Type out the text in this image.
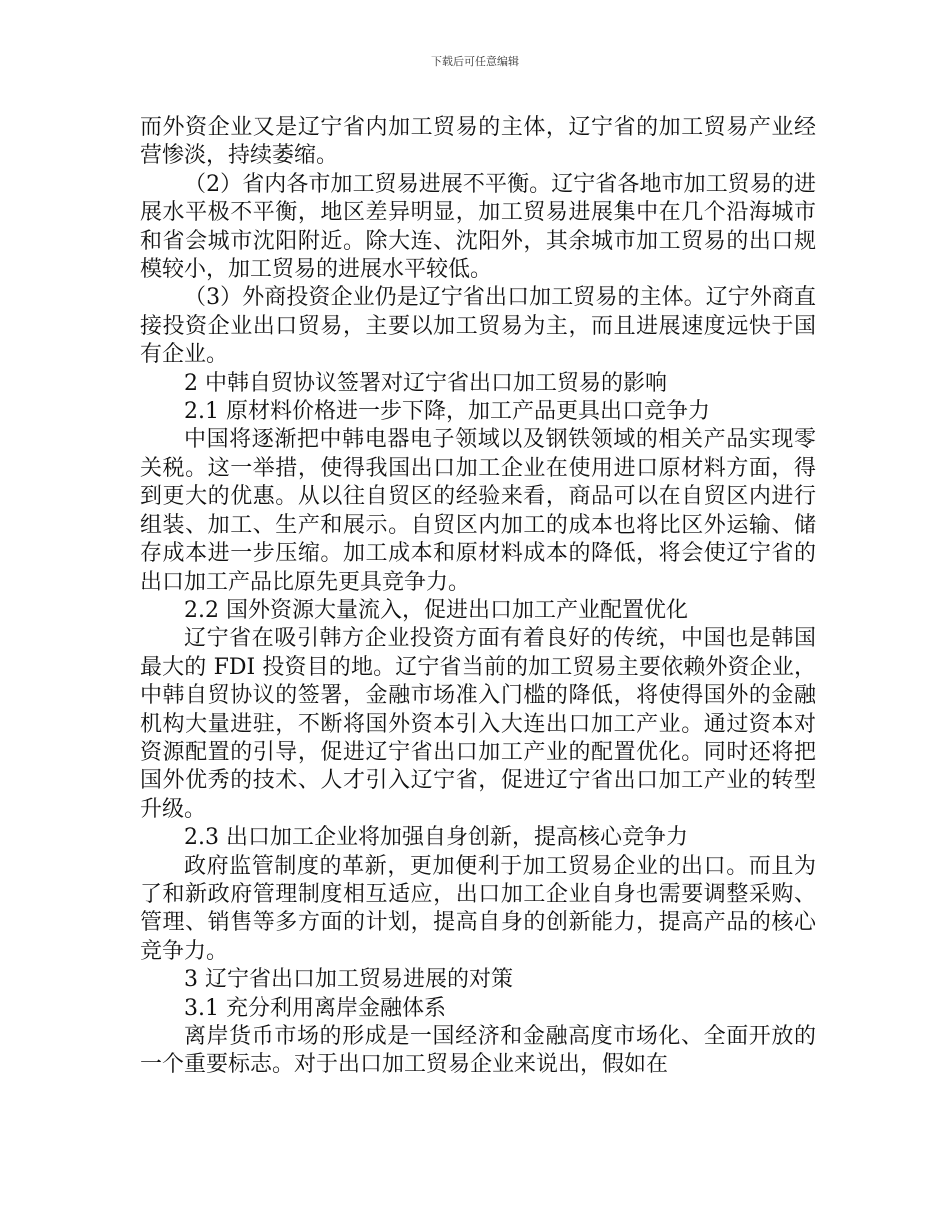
下载后可任意编辑

而外资企业又是辽宁省内加工贸易的主体，辽宁省的加工贸易产业经营惨淡，持续萎缩。

（2）省内各市加工贸易进展不平衡。辽宁省各地市加工贸易的进展水平极不平衡，地区差异明显，加工贸易进展集中在几个沿海城市和省会城市沈阳附近。除大连、沈阳外，其余城市加工贸易的出口规模较小，加工贸易的进展水平较低。

（3）外商投资企业仍是辽宁省出口加工贸易的主体。辽宁外商直接投资企业出口贸易，主要以加工贸易为主，而且进展速度远快于国有企业。

2 中韩自贸协议签署对辽宁省出口加工贸易的影响

2.1 原材料价格进一步下降，加工产品更具出口竞争力

中国将逐渐把中韩电器电子领域以及钢铁领域的相关产品实现零关税。这一举措，使得我国出口加工企业在使用进口原材料方面，得到更大的优惠。从以往自贸区的经验来看，商品可以在自贸区内进行组装、加工、生产和展示。自贸区内加工的成本也将比区外运输、储存成本进一步压缩。加工成本和原材料成本的降低，将会使辽宁省的出口加工产品比原先更具竞争力。

2.2 国外资源大量流入，促进出口加工产业配置优化

辽宁省在吸引韩方企业投资方面有着良好的传统，中国也是韩国最大的 FDI 投资目的地。辽宁省当前的加工贸易主要依赖外资企业，中韩自贸协议的签署，金融市场准入门槛的降低，将使得国外的金融机构大量进驻，不断将国外资本引入大连出口加工产业。通过资本对资源配置的引导，促进辽宁省出口加工产业的配置优化。同时还将把国外优秀的技术、人才引入辽宁省，促进辽宁省出口加工产业的转型升级。

2.3 出口加工企业将加强自身创新，提高核心竞争力

政府监管制度的革新，更加便利于加工贸易企业的出口。而且为了和新政府管理制度相互适应，出口加工企业自身也需要调整采购、管理、销售等多方面的计划，提高自身的创新能力，提高产品的核心竞争力。

3 辽宁省出口加工贸易进展的对策

3.1 充分利用离岸金融体系

离岸货币市场的形成是一国经济和金融高度市场化、全面开放的一个重要标志。对于出口加工贸易企业来说出，假如在
